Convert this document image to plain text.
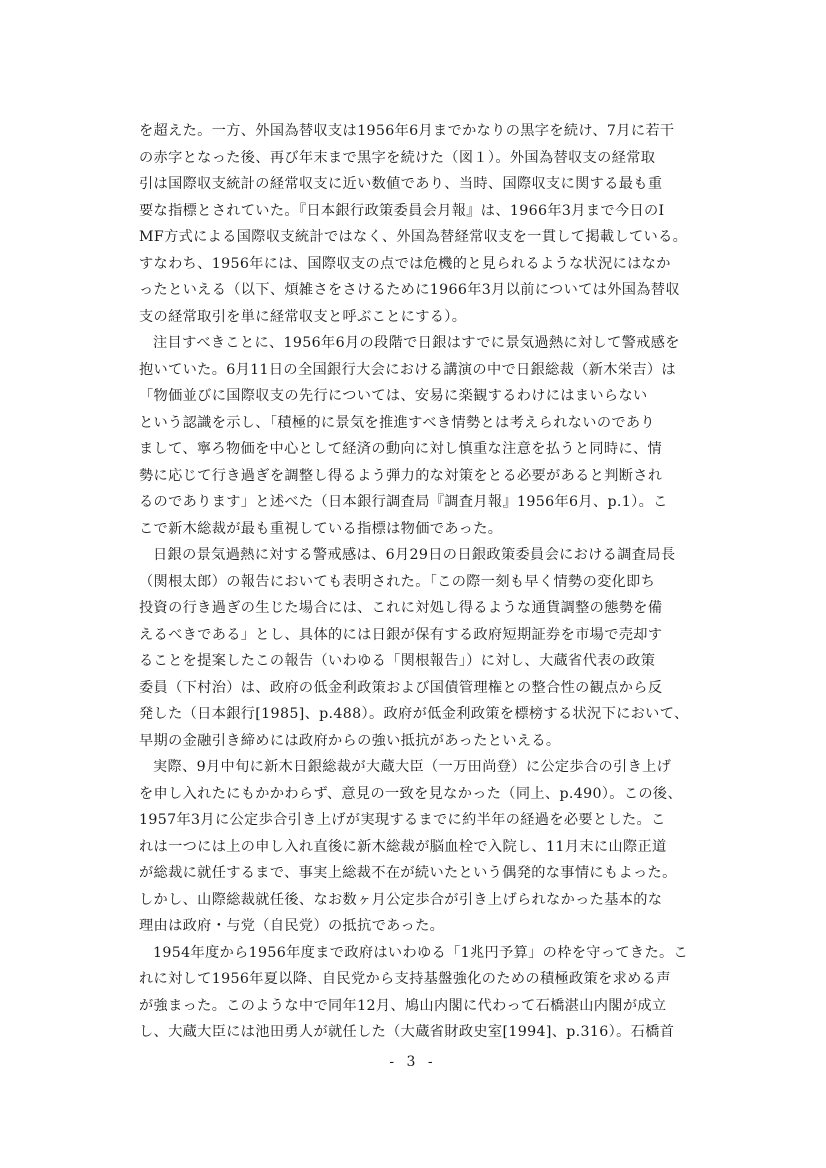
を超えた。一方、外国為替収支は1956年6月までかなりの黒字を続け、7月に若干
の赤字となった後、再び年末まで黒字を続けた（図１）。外国為替収支の経常取
引は国際収支統計の経常収支に近い数値であり、当時、国際収支に関する最も重
要な指標とされていた。『日本銀行政策委員会月報』は、1966年3月まで今日のI
MF方式による国際収支統計ではなく、外国為替経常収支を一貫して掲載している。
すなわち、1956年には、国際収支の点では危機的と見られるような状況にはなか
ったといえる（以下、煩雑さをさけるために1966年3月以前については外国為替収
支の経常取引を単に経常収支と呼ぶことにする）。
注目すべきことに、1956年6月の段階で日銀はすでに景気過熱に対して警戒感を
抱いていた。6月11日の全国銀行大会における講演の中で日銀総裁（新木栄吉）は
「物価並びに国際収支の先行については、安易に楽観するわけにはまいらない
という認識を示し、「積極的に景気を推進すべき情勢とは考えられないのであり
まして、寧ろ物価を中心として経済の動向に対し慎重な注意を払うと同時に、情
勢に応じて行き過ぎを調整し得るよう弾力的な対策をとる必要があると判断され
るのであります」と述べた（日本銀行調査局『調査月報』1956年6月、p.1）。こ
こで新木総裁が最も重視している指標は物価であった。
日銀の景気過熱に対する警戒感は、6月29日の日銀政策委員会における調査局長
（関根太郎）の報告においても表明された。「この際一刻も早く情勢の変化即ち
投資の行き過ぎの生じた場合には、これに対処し得るような通貨調整の態勢を備
えるべきである」とし、具体的には日銀が保有する政府短期証券を市場で売却す
ることを提案したこの報告（いわゆる「関根報告」）に対し、大蔵省代表の政策
委員（下村治）は、政府の低金利政策および国債管理権との整合性の観点から反
発した（日本銀行[1985]、p.488）。政府が低金利政策を標榜する状況下において、
早期の金融引き締めには政府からの強い抵抗があったといえる。
実際、9月中旬に新木日銀総裁が大蔵大臣（一万田尚登）に公定歩合の引き上げ
を申し入れたにもかかわらず、意見の一致を見なかった（同上、p.490）。この後、
1957年3月に公定歩合引き上げが実現するまでに約半年の経過を必要とした。こ
れは一つには上の申し入れ直後に新木総裁が脳血栓で入院し、11月末に山際正道
が総裁に就任するまで、事実上総裁不在が続いたという偶発的な事情にもよった。
しかし、山際総裁就任後、なお数ヶ月公定歩合が引き上げられなかった基本的な
理由は政府・与党（自民党）の抵抗であった。
1954年度から1956年度まで政府はいわゆる「1兆円予算」の枠を守ってきた。こ
れに対して1956年夏以降、自民党から支持基盤強化のための積極政策を求める声
が強まった。このような中で同年12月、鳩山内閣に代わって石橋湛山内閣が成立
し、大蔵大臣には池田勇人が就任した（大蔵省財政史室[1994]、p.316）。石橋首
- 3 -
